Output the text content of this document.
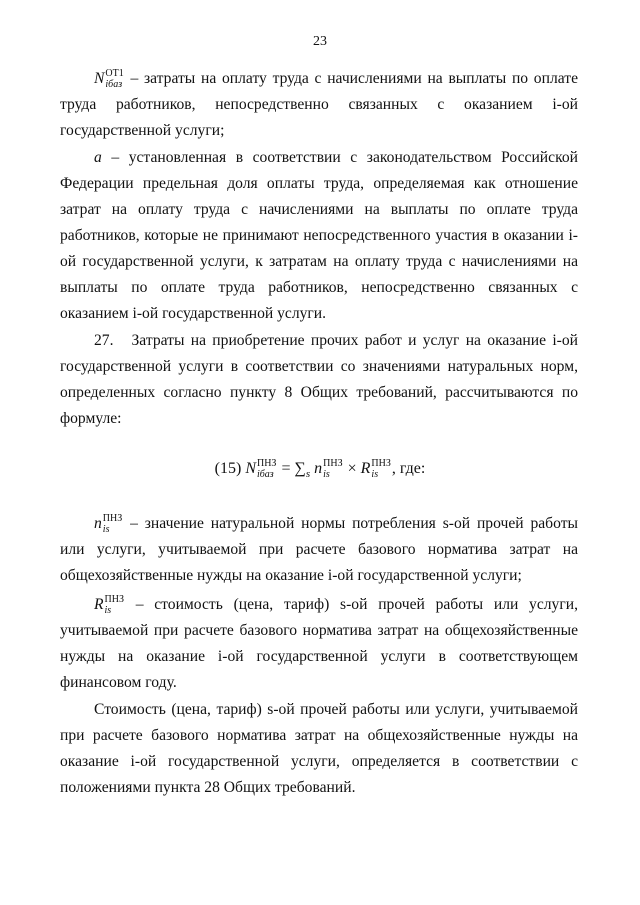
23
N ОТ1
iбаз – затраты на оплату труда с начислениями на выплаты по оплате труда работников, непосредственно связанных с оказанием i-ой государственной услуги;
a – установленная в соответствии с законодательством Российской Федерации предельная доля оплаты труда, определяемая как отношение затрат на оплату труда с начислениями на выплаты по оплате труда работников, которые не принимают непосредственного участия в оказании i-ой государственной услуги, к затратам на оплату труда с начислениями на выплаты по оплате труда работников, непосредственно связанных с оказанием i-ой государственной услуги.
27. Затраты на приобретение прочих работ и услуг на оказание i-ой государственной услуги в соответствии со значениями натуральных норм, определенных согласно пункту 8 Общих требований, рассчитываются по формуле:
(15) N ПНЗ
iбаз = $\sum_s$ n ПНЗ
is	× R ПНЗ
is , где:
n ПНЗ
is – значение натуральной нормы потребления s-ой прочей работы или услуги, учитываемой при расчете базового норматива затрат на общехозяйственные нужды на оказание i-ой государственной услуги;
R ПНЗ
is – стоимость (цена, тариф) s-ой прочей работы или услуги, учитываемой при расчете базового норматива затрат на общехозяйственные нужды на оказание i-ой государственной услуги в соответствующем финансовом году.
Стоимость (цена, тариф) s-ой прочей работы или услуги, учитываемой при расчете базового норматива затрат на общехозяйственные нужды на оказание i-ой государственной услуги, определяется в соответствии с положениями пункта 28 Общих требований.
